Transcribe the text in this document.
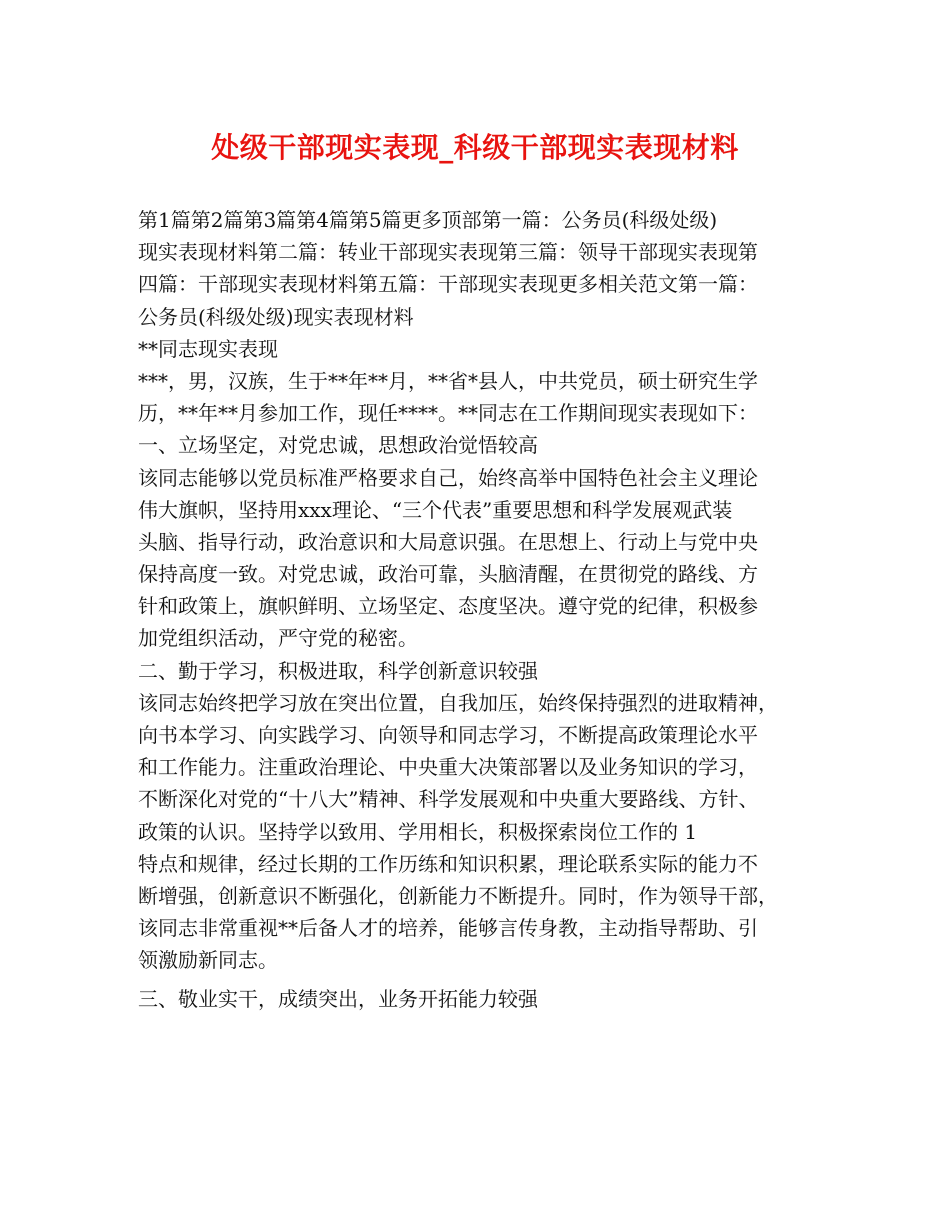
处级干部现实表现_科级干部现实表现材料
第1篇第2篇第3篇第4篇第5篇更多顶部第一篇：公务员(科级处级)
现实表现材料第二篇：转业干部现实表现第三篇：领导干部现实表现第
四篇：干部现实表现材料第五篇：干部现实表现更多相关范文第一篇：
公务员(科级处级)现实表现材料
**同志现实表现
***，男，汉族，生于**年**月，**省*县人，中共党员，硕士研究生学
历，**年**月参加工作，现任****。**同志在工作期间现实表现如下：
一、立场坚定，对党忠诚，思想政治觉悟较高
该同志能够以党员标准严格要求自己，始终高举中国特色社会主义理论
伟大旗帜，坚持用xxx理论、“三个代表”重要思想和科学发展观武装
头脑、指导行动，政治意识和大局意识强。在思想上、行动上与党中央
保持高度一致。对党忠诚，政治可靠，头脑清醒，在贯彻党的路线、方
针和政策上，旗帜鲜明、立场坚定、态度坚决。遵守党的纪律，积极参
加党组织活动，严守党的秘密。
二、勤于学习，积极进取，科学创新意识较强
该同志始终把学习放在突出位置，自我加压，始终保持强烈的进取精神，
向书本学习、向实践学习、向领导和同志学习，不断提高政策理论水平
和工作能力。注重政治理论、中央重大决策部署以及业务知识的学习，
不断深化对党的“十八大”精神、科学发展观和中央重大要路线、方针、
政策的认识。坚持学以致用、学用相长，积极探索岗位工作的 1
特点和规律，经过长期的工作历练和知识积累，理论联系实际的能力不
断增强，创新意识不断强化，创新能力不断提升。同时，作为领导干部，
该同志非常重视**后备人才的培养，能够言传身教，主动指导帮助、引
领激励新同志。
三、敬业实干，成绩突出，业务开拓能力较强
